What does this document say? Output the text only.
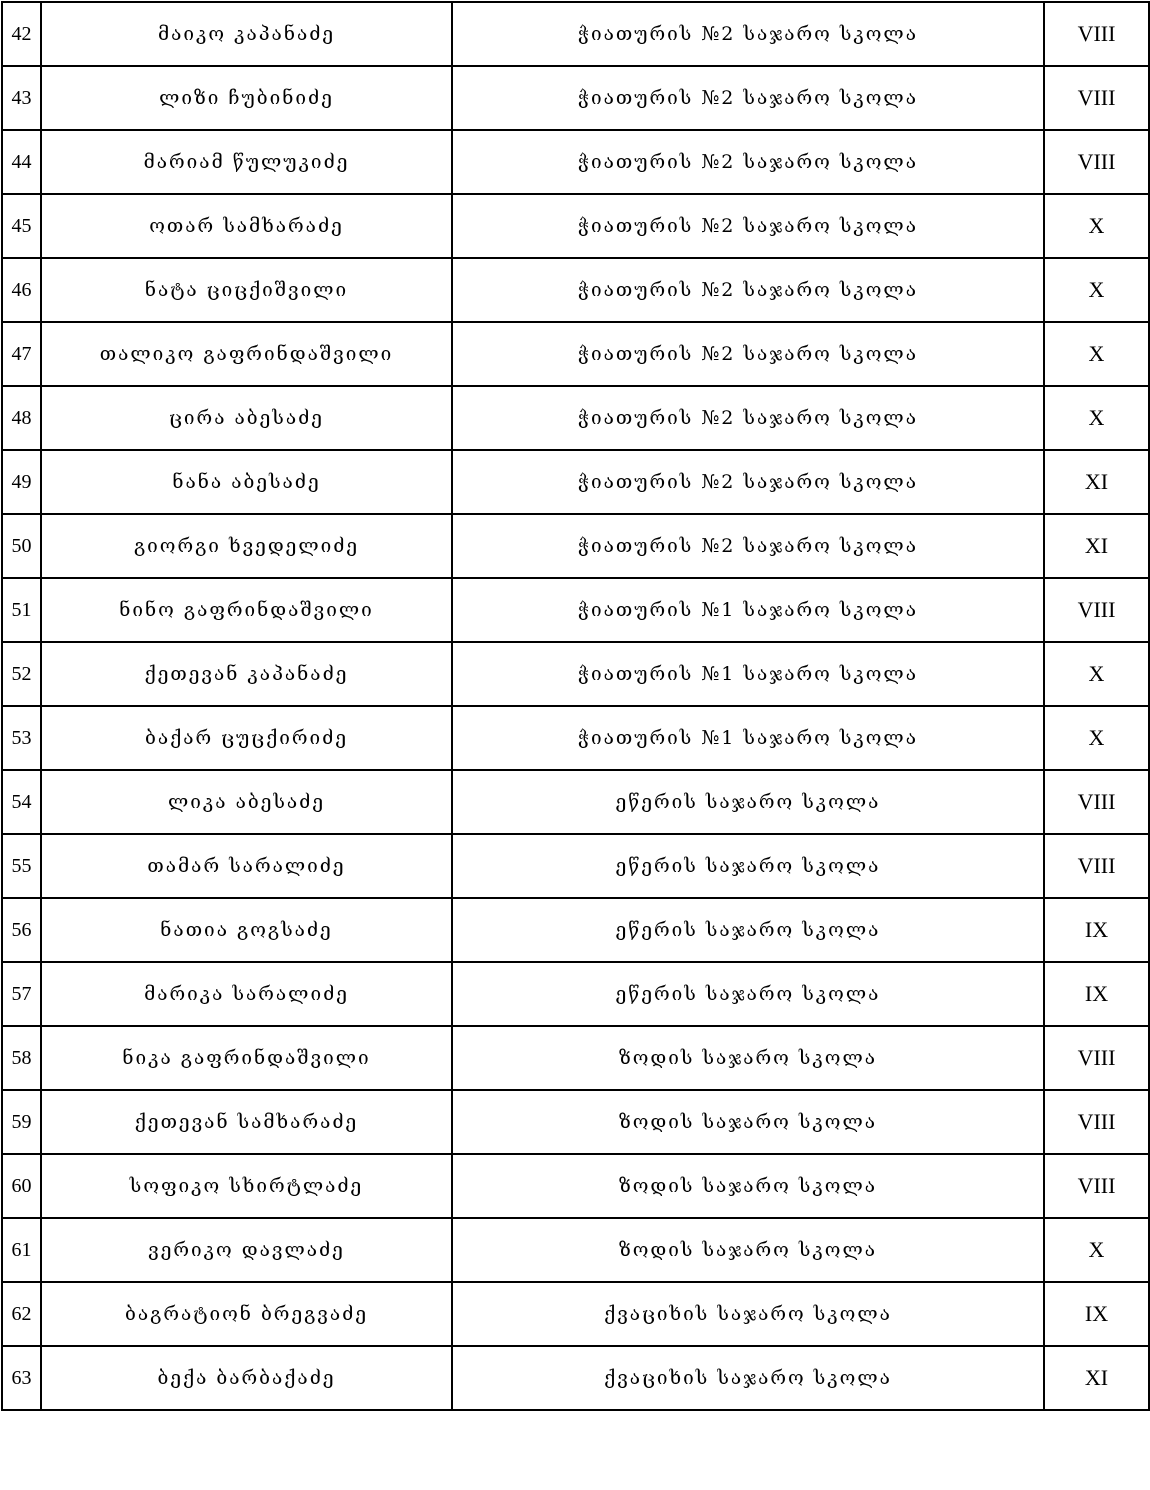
42	მაიკო კაპანაძე	ჭიათურის №2 საჯარო სკოლა	VIII
43	ლიზი ჩუბინიძე	ჭიათურის №2 საჯარო სკოლა	VIII
44	მარიამ წულუკიძე	ჭიათურის №2 საჯარო სკოლა	VIII
45	ოთარ სამხარაძე	ჭიათურის №2 საჯარო სკოლა	X
46	ნატა ციცქიშვილი	ჭიათურის №2 საჯარო სკოლა	X
47	თალიკო გაფრინდაშვილი	ჭიათურის №2 საჯარო სკოლა	X
48	ცირა აბესაძე	ჭიათურის №2 საჯარო სკოლა	X
49	ნანა აბესაძე	ჭიათურის №2 საჯარო სკოლა	XI
50	გიორგი ხვედელიძე	ჭიათურის №2 საჯარო სკოლა	XI
51	ნინო გაფრინდაშვილი	ჭიათურის №1 საჯარო სკოლა	VIII
52	ქეთევან კაპანაძე	ჭიათურის №1 საჯარო სკოლა	X
53	ბაქარ ცუცქირიძე	ჭიათურის №1 საჯარო სკოლა	X
54	ლიკა აბესაძე	ეწერის საჯარო სკოლა	VIII
55	თამარ სარალიძე	ეწერის საჯარო სკოლა	VIII
56	ნათია გოგსაძე	ეწერის საჯარო სკოლა	IX
57	მარიკა სარალიძე	ეწერის საჯარო სკოლა	IX
58	ნიკა გაფრინდაშვილი	ზოდის საჯარო სკოლა	VIII
59	ქეთევან სამხარაძე	ზოდის საჯარო სკოლა	VIII
60	სოფიკო სხირტლაძე	ზოდის საჯარო სკოლა	VIII
61	ვერიკო დავლაძე	ზოდის საჯარო სკოლა	X
62	ბაგრატიონ ბრეგვაძე	ქვაციხის საჯარო სკოლა	IX
63	ბექა ბარბაქაძე	ქვაციხის საჯარო სკოლა	XI
